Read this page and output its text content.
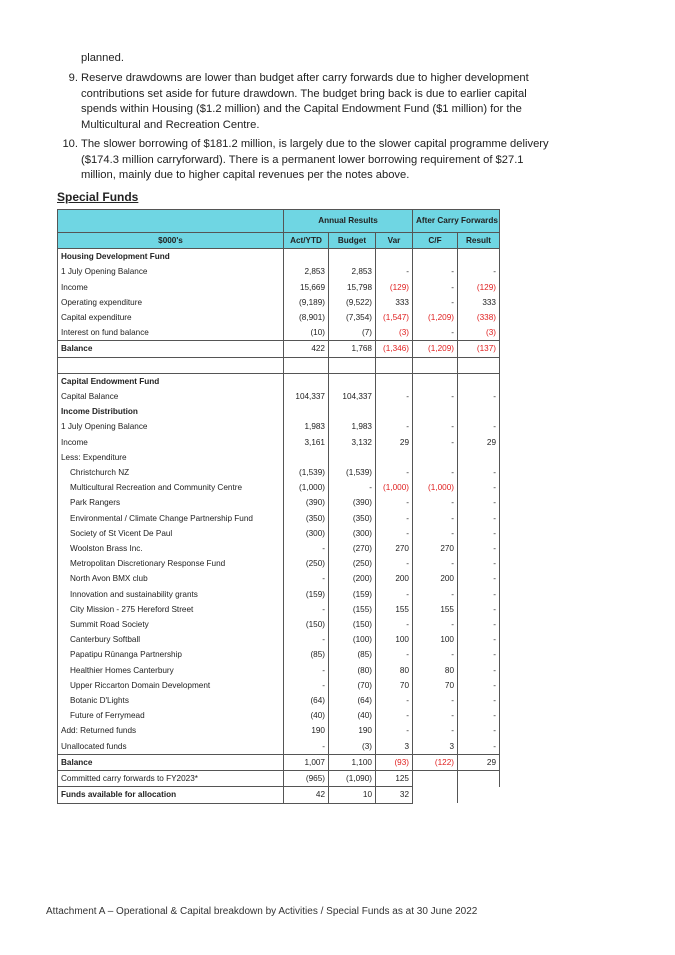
planned.
9. Reserve drawdowns are lower than budget after carry forwards due to higher development
contributions set aside for future drawdown. The budget bring back is due to earlier capital
spends within Housing ($1.2 million) and the Capital Endowment Fund ($1 million) for the
Multicultural and Recreation Centre.
10. The slower borrowing of $181.2 million, is largely due to the slower capital programme delivery
($174.3 million carryforward). There is a permanent lower borrowing requirement of $27.1
million, mainly due to higher capital revenues per the notes above.
Special Funds
	Annual Results			After Carry Forwards	
$000's	Act/YTD	Budget	Var	C/F	Result
Housing Development Fund					
1 July Opening Balance	2,853	2,853	-	-	-
Income	15,669	15,798	(129)	-	(129)
Operating expenditure	(9,189)	(9,522)	333	-	333
Capital expenditure	(8,901)	(7,354)	(1,547)	(1,209)	(338)
Interest on fund balance	(10)	(7)	(3)	-	(3)
Balance	422	1,768	(1,346)	(1,209)	(137)

Capital Endowment Fund					
Capital Balance	104,337	104,337	-	-	-
Income Distribution					
1 July Opening Balance	1,983	1,983	-	-	-
Income	3,161	3,132	29	-	29
Less: Expenditure					
Christchurch NZ	(1,539)	(1,539)	-	-	-
Multicultural Recreation and Community Centre	(1,000)	-	(1,000)	(1,000)	-
Park Rangers	(390)	(390)	-	-	-
Environmental / Climate Change Partnership Fund	(350)	(350)	-	-	-
Society of St Vicent De Paul	(300)	(300)	-	-	-
Woolston Brass Inc.	-	(270)	270	270	-
Metropolitan Discretionary Response Fund	(250)	(250)	-	-	-
North Avon BMX club	-	(200)	200	200	-
Innovation and sustainability grants	(159)	(159)	-	-	-
City Mission - 275 Hereford Street	-	(155)	155	155	-
Summit Road Society	(150)	(150)	-	-	-
Canterbury Softball	-	(100)	100	100	-
Papatipu Rūnanga Partnership	(85)	(85)	-	-	-
Healthier Homes Canterbury	-	(80)	80	80	-
Upper Riccarton Domain Development	-	(70)	70	70	-
Botanic D'Lights	(64)	(64)	-	-	-
Future of Ferrymead	(40)	(40)	-	-	-
Add: Returned funds	190	190	-	-	-
Unallocated funds	-	(3)	3	3	-
Balance	1,007	1,100	(93)	(122)	29
Committed carry forwards to FY2023*	(965)	(1,090)	125		
Funds available for allocation	42	10	32		
Attachment A – Operational & Capital breakdown by Activities / Special Funds as at 30 June 2022
